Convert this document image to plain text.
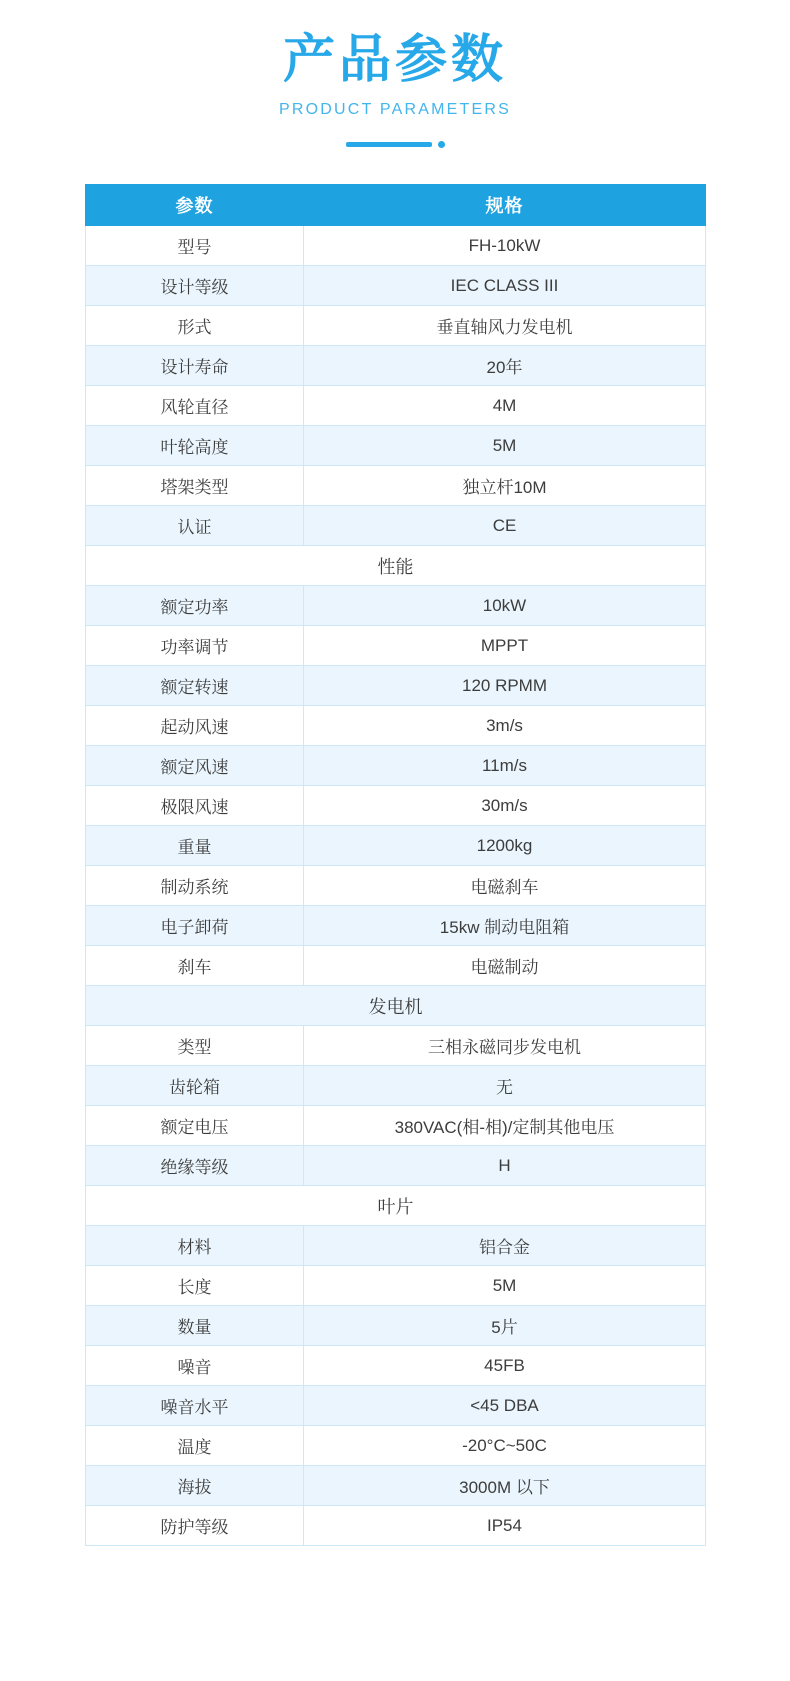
产品参数
PRODUCT PARAMETERS
参数	规格
型号	FH-10kW
设计等级	IEC CLASS III
形式	垂直轴风力发电机
设计寿命	20年
风轮直径	4M
叶轮高度	5M
塔架类型	独立杆10M
认证	CE
性能	
额定功率	10kW
功率调节	MPPT
额定转速	120 RPMM
起动风速	3m/s
额定风速	11m/s
极限风速	30m/s
重量	1200kg
制动系统	电磁刹车
电子卸荷	15kw 制动电阻箱
刹车	电磁制动
发电机	
类型	三相永磁同步发电机
齿轮箱	无
额定电压	380VAC(相-相)/定制其他电压
绝缘等级	H
叶片	
材料	铝合金
长度	5M
数量	5片
噪音	45FB
噪音水平	<45 DBA
温度	-20°C~50C
海拔	3000M 以下
防护等级	IP54
